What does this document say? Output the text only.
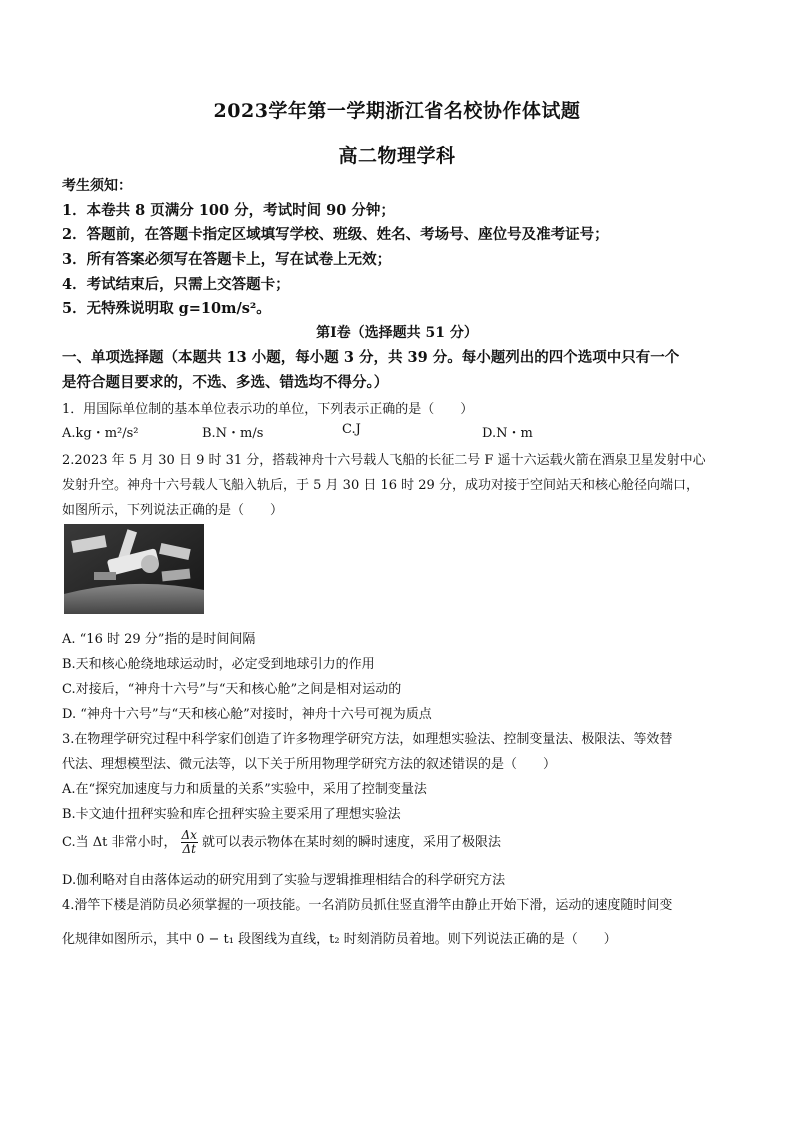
2023学年第一学期浙江省名校协作体试题
高二物理学科
考生须知：
1．本卷共 8 页满分 100 分，考试时间 90 分钟；
2．答题前，在答题卡指定区域填写学校、班级、姓名、考场号、座位号及准考证号；
3．所有答案必须写在答题卡上，写在试卷上无效；
4．考试结束后，只需上交答题卡；
5．无特殊说明取 g=10m/s²。
第Ⅰ卷（选择题共 51 分）
一、单项选择题（本题共 13 小题，每小题 3 分，共 39 分。每小题列出的四个选项中只有一个
是符合题目要求的，不选、多选、错选均不得分。）
1．用国际单位制的基本单位表示功的单位，下列表示正确的是（　　）
A.kg・m²/s²	B.N・m/s	C.J	D.N・m
2.2023 年 5 月 30 日 9 时 31 分，搭载神舟十六号载人飞船的长征二号 F 遥十六运载火箭在酒泉卫星发射中心
发射升空。神舟十六号载人飞船入轨后，于 5 月 30 日 16 时 29 分，成功对接于空间站天和核心舱径向端口，
如图所示，下列说法正确的是（　　）
A. “16 时 29 分”指的是时间间隔
B.天和核心舱绕地球运动时，必定受到地球引力的作用
C.对接后，“神舟十六号”与“天和核心舱”之间是相对运动的
D. “神舟十六号”与“天和核心舱”对接时，神舟十六号可视为质点
3.在物理学研究过程中科学家们创造了许多物理学研究方法，如理想实验法、控制变量法、极限法、等效替
代法、理想模型法、微元法等，以下关于所用物理学研究方法的叙述错误的是（　　）
A.在“探究加速度与力和质量的关系”实验中，采用了控制变量法
B.卡文迪什扭秤实验和库仑扭秤实验主要采用了理想实验法
C.当 Δt 非常小时， $\frac{\Delta x}{\Delta t}$ 就可以表示物体在某时刻的瞬时速度，采用了极限法
D.伽利略对自由落体运动的研究用到了实验与逻辑推理相结合的科学研究方法
4.滑竿下楼是消防员必须掌握的一项技能。一名消防员抓住竖直滑竿由静止开始下滑，运动的速度随时间变
化规律如图所示，其中 0 − t₁ 段图线为直线，t₂ 时刻消防员着地。则下列说法正确的是（　　）
